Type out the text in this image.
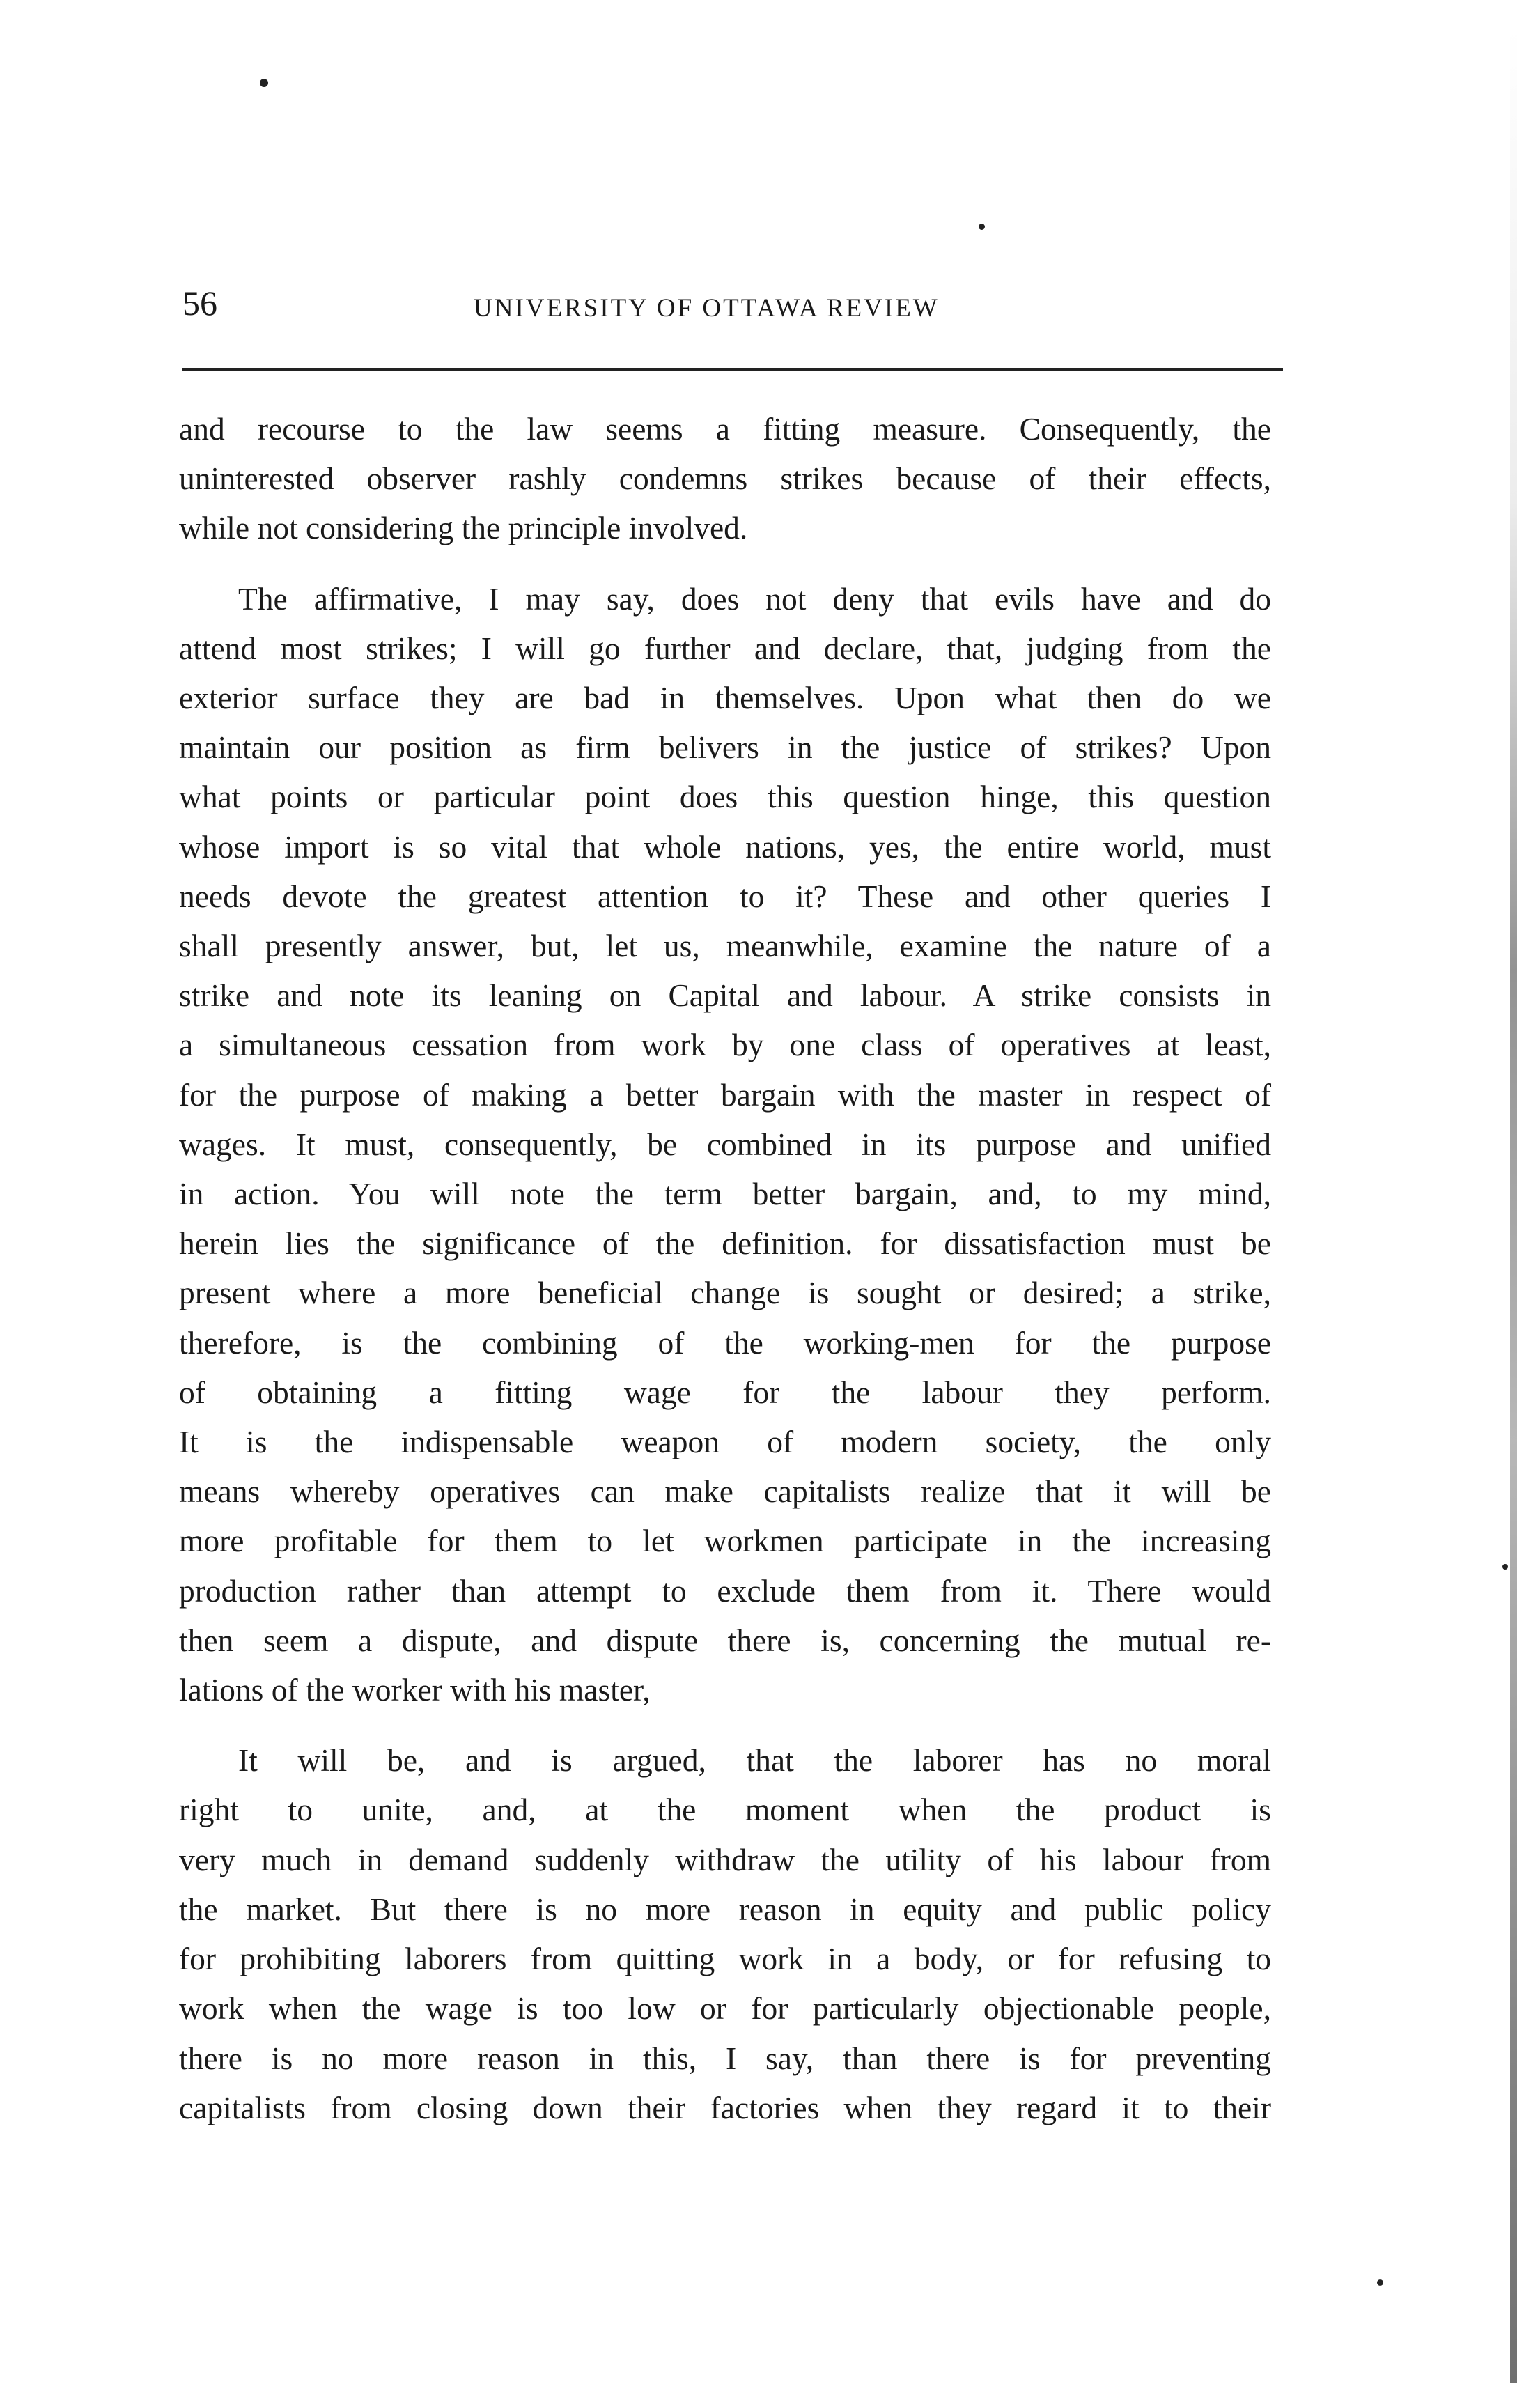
56	UNIVERSITY OF OTTAWA REVIEW

and recourse to the law seems a fitting measure. Consequently, the
uninterested observer rashly condemns strikes because of their effects,
while not considering the principle involved.

The affirmative, I may say, does not deny that evils have and do
attend most strikes; I will go further and declare, that, judging from the
exterior surface they are bad in themselves. Upon what then do we
maintain our position as firm belivers in the justice of strikes? Upon
what points or particular point does this question hinge, this question
whose import is so vital that whole nations, yes, the entire world, must
needs devote the greatest attention to it? These and other queries I
shall presently answer, but, let us, meanwhile, examine the nature of a
strike and note its leaning on Capital and labour. A strike consists in
a simultaneous cessation from work by one class of operatives at least,
for the purpose of making a better bargain with the master in respect of
wages. It must, consequently, be combined in its purpose and unified
in action. You will note the term better bargain, and, to my mind,
herein lies the significance of the definition. for dissatisfaction must be
present where a more beneficial change is sought or desired; a strike,
therefore, is the combining of the working-men for the purpose
of obtaining a fitting wage for the labour they perform.
It is the indispensable weapon of modern society, the only
means whereby operatives can make capitalists realize that it will be
more profitable for them to let workmen participate in the increasing
production rather than attempt to exclude them from it. There would
then seem a dispute, and dispute there is, concerning the mutual re-
lations of the worker with his master,

It will be, and is argued, that the laborer has no moral
right to unite, and, at the moment when the product is
very much in demand suddenly withdraw the utility of his labour from
the market. But there is no more reason in equity and public policy
for prohibiting laborers from quitting work in a body, or for refusing to
work when the wage is too low or for particularly objectionable people,
there is no more reason in this, I say, than there is for preventing
capitalists from closing down their factories when they regard it to their
